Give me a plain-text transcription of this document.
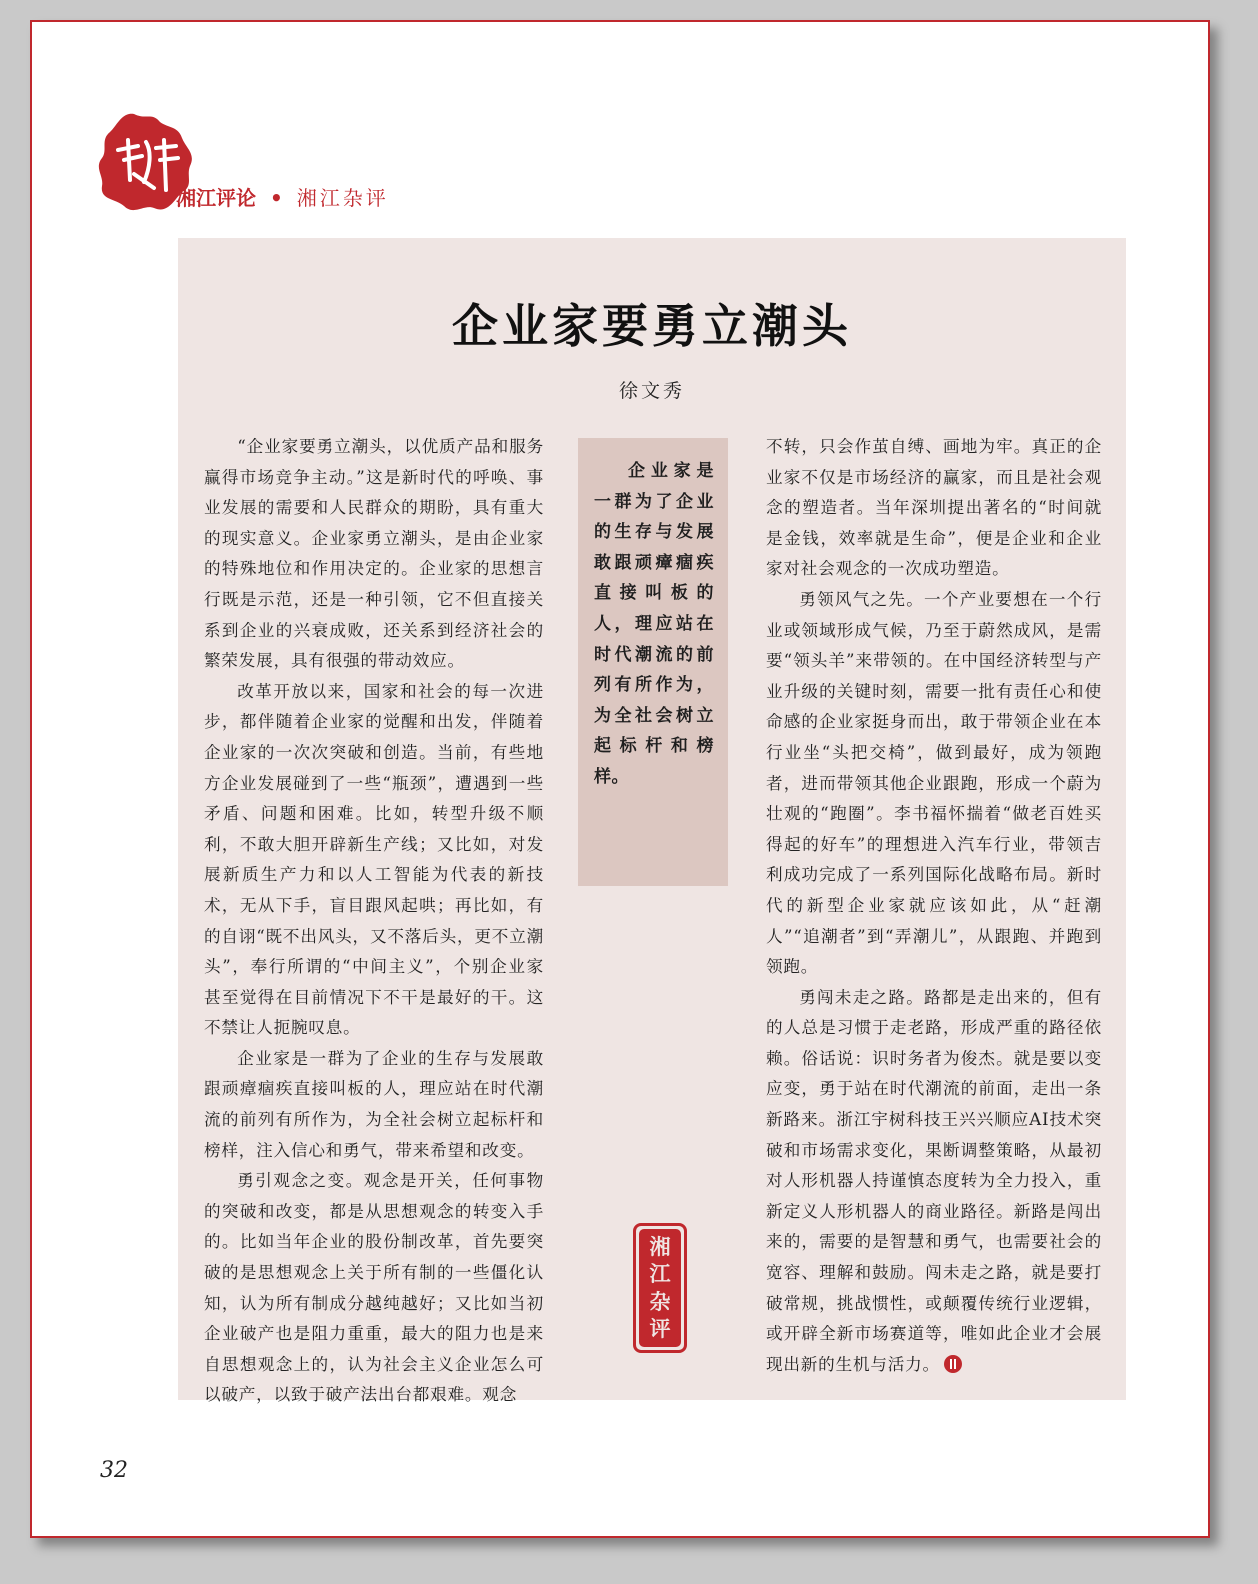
湘江评论 • 湘江杂评
企业家要勇立潮头
徐文秀

“企业家要勇立潮头，以优质产品和服务赢得市场竞争主动。”这是新时代的呼唤、事业发展的需要和人民群众的期盼，具有重大的现实意义。企业家勇立潮头，是由企业家的特殊地位和作用决定的。企业家的思想言行既是示范，还是一种引领，它不但直接关系到企业的兴衰成败，还关系到经济社会的繁荣发展，具有很强的带动效应。

改革开放以来，国家和社会的每一次进步，都伴随着企业家的觉醒和出发，伴随着企业家的一次次突破和创造。当前，有些地方企业发展碰到了一些“瓶颈”，遭遇到一些矛盾、问题和困难。比如，转型升级不顺利，不敢大胆开辟新生产线；又比如，对发展新质生产力和以人工智能为代表的新技术，无从下手，盲目跟风起哄；再比如，有的自诩“既不出风头，又不落后头，更不立潮头”，奉行所谓的“中间主义”，个别企业家甚至觉得在目前情况下不干是最好的干。这不禁让人扼腕叹息。

企业家是一群为了企业的生存与发展敢跟顽瘴痼疾直接叫板的人，理应站在时代潮流的前列有所作为，为全社会树立起标杆和榜样，注入信心和勇气，带来希望和改变。

勇引观念之变。观念是开关，任何事物的突破和改变，都是从思想观念的转变入手的。比如当年企业的股份制改革，首先要突破的是思想观念上关于所有制的一些僵化认知，认为所有制成分越纯越好；又比如当初企业破产也是阻力重重，最大的阻力也是来自思想观念上的，认为社会主义企业怎么可以破产，以致于破产法出台都艰难。观念

企业家是一群为了企业的生存与发展敢跟顽瘴痼疾直接叫板的人，理应站在时代潮流的前列有所作为，为全社会树立起标杆和榜样。

湘
江
杂
评

不转，只会作茧自缚、画地为牢。真正的企业家不仅是市场经济的赢家，而且是社会观念的塑造者。当年深圳提出著名的“时间就是金钱，效率就是生命”，便是企业和企业家对社会观念的一次成功塑造。

勇领风气之先。一个产业要想在一个行业或领域形成气候，乃至于蔚然成风，是需要“领头羊”来带领的。在中国经济转型与产业升级的关键时刻，需要一批有责任心和使命感的企业家挺身而出，敢于带领企业在本行业坐“头把交椅”，做到最好，成为领跑者，进而带领其他企业跟跑，形成一个蔚为壮观的“跑圈”。李书福怀揣着“做老百姓买得起的好车”的理想进入汽车行业，带领吉利成功完成了一系列国际化战略布局。新时代的新型企业家就应该如此，从“赶潮人”“追潮者”到“弄潮儿”，从跟跑、并跑到领跑。

勇闯未走之路。路都是走出来的，但有的人总是习惯于走老路，形成严重的路径依赖。俗话说：识时务者为俊杰。就是要以变应变，勇于站在时代潮流的前面，走出一条新路来。浙江宇树科技王兴兴顺应AI技术突破和市场需求变化，果断调整策略，从最初对人形机器人持谨慎态度转为全力投入，重新定义人形机器人的商业路径。新路是闯出来的，需要的是智慧和勇气，也需要社会的宽容、理解和鼓励。闯未走之路，就是要打破常规，挑战惯性，或颠覆传统行业逻辑，或开辟全新市场赛道等，唯如此企业才会展现出新的生机与活力。

32
